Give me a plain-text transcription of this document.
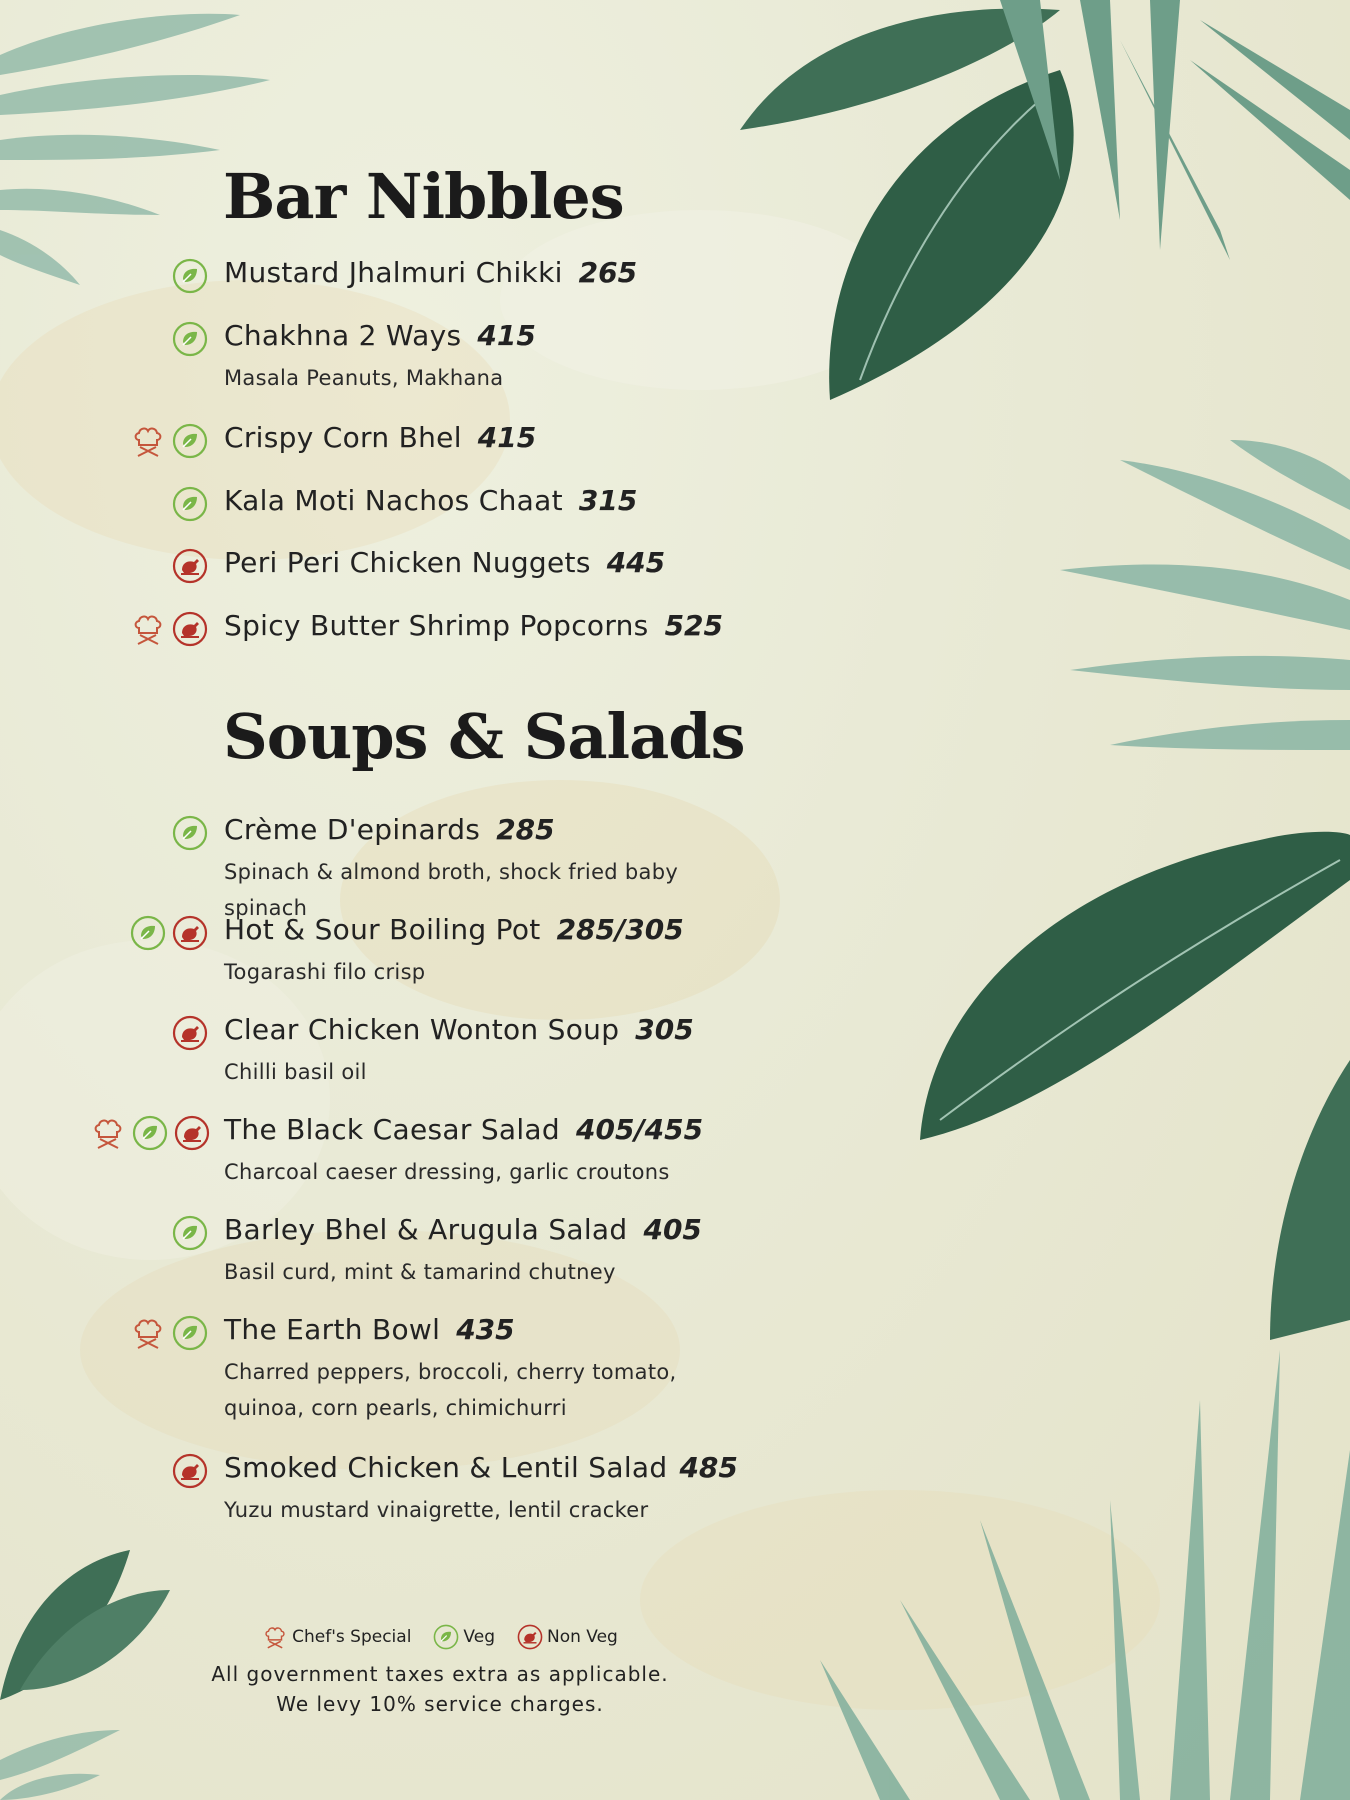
Bar Nibbles
Mustard Jhalmuri Chikki 265
Chakhna 2 Ways 415
Masala Peanuts, Makhana
Crispy Corn Bhel 415
Kala Moti Nachos Chaat 315
Peri Peri Chicken Nuggets 445
Spicy Butter Shrimp Popcorns 525
Soups & Salads
Crème D'epinards 285
Spinach & almond broth, shock fried baby spinach
Hot & Sour Boiling Pot 285/305
Togarashi filo crisp
Clear Chicken Wonton Soup 305
Chilli basil oil
The Black Caesar Salad 405/455
Charcoal caeser dressing, garlic croutons
Barley Bhel & Arugula Salad 405
Basil curd, mint & tamarind chutney
The Earth Bowl 435
Charred peppers, broccoli, cherry tomato, quinoa, corn pearls, chimichurri
Smoked Chicken & Lentil Salad 485
Yuzu mustard vinaigrette, lentil cracker
Chef's Special	Veg	Non Veg
All government taxes extra as applicable.
We levy 10% service charges.
